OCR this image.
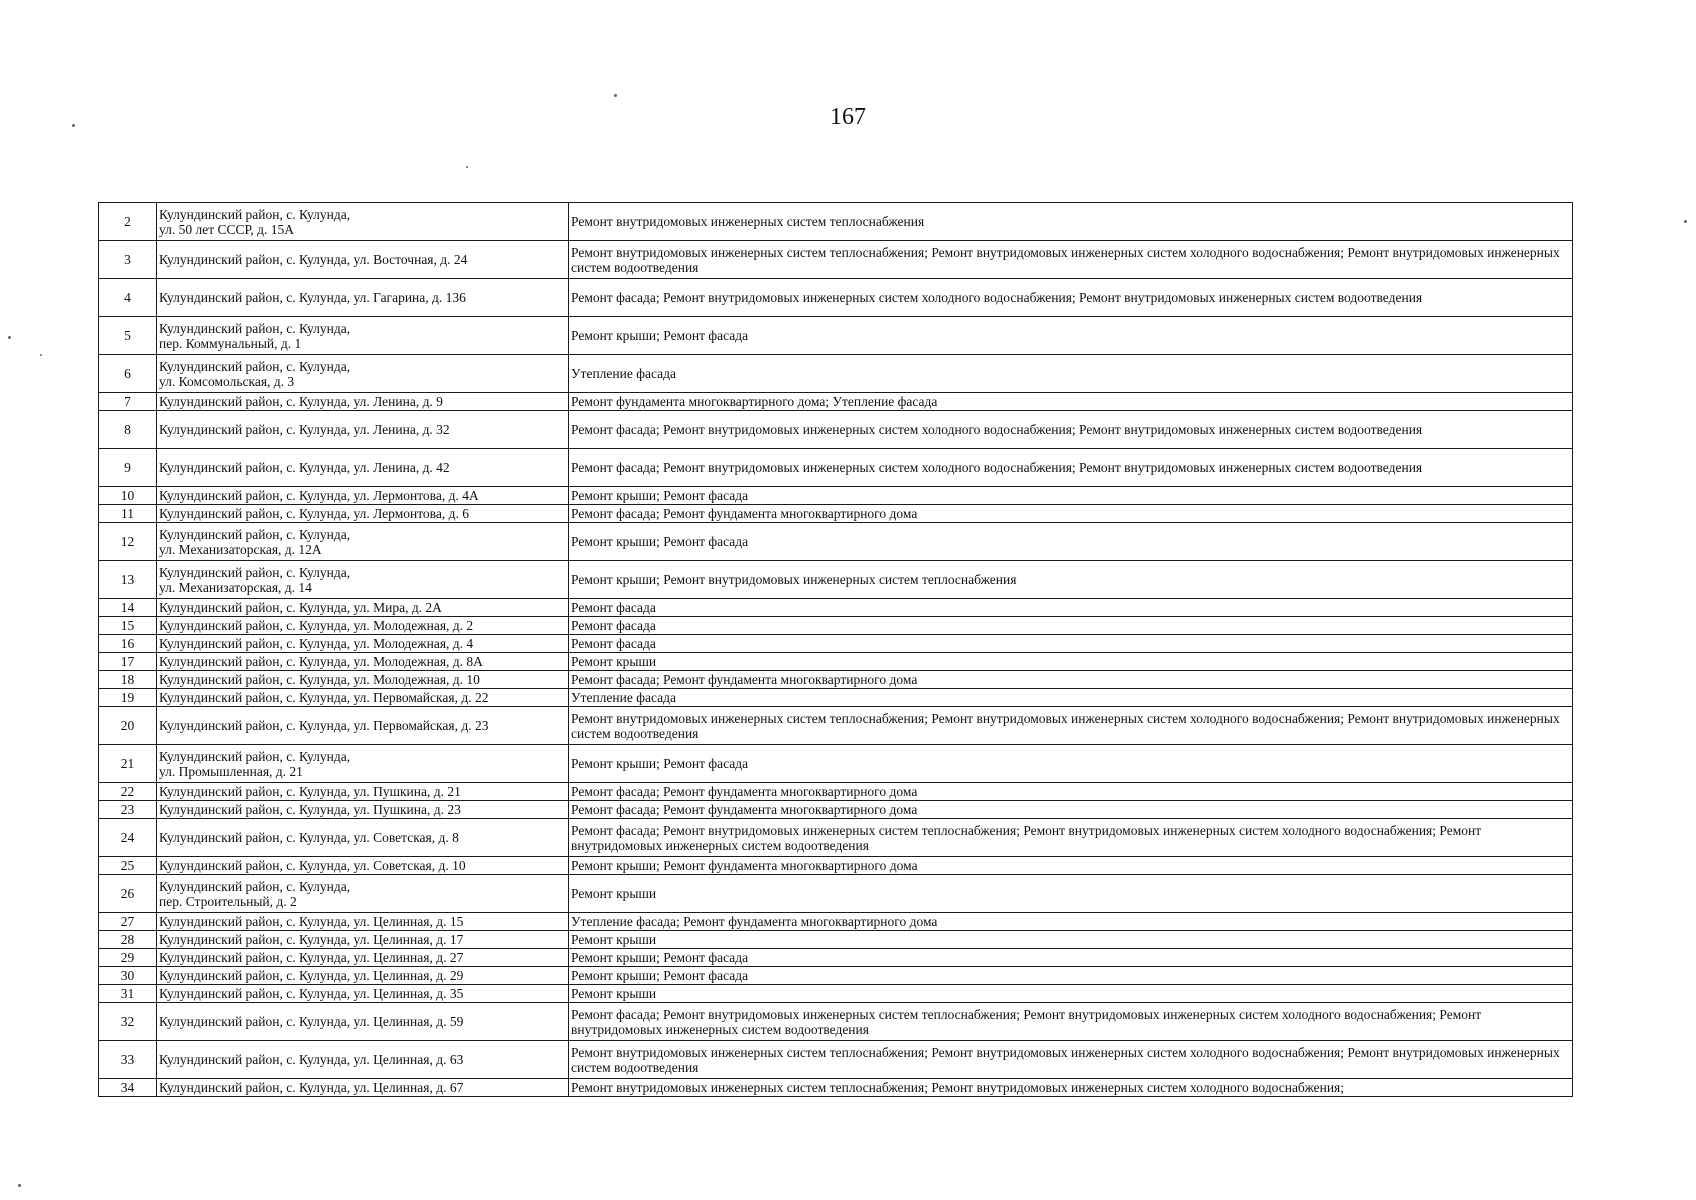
167
2	Кулундинский район, с. Кулунда,
ул. 50 лет СССР, д. 15А	Ремонт внутридомовых инженерных систем теплоснабжения
3	Кулундинский район, с. Кулунда, ул. Восточная, д. 24	Ремонт внутридомовых инженерных систем теплоснабжения; Ремонт внутридомовых инженерных систем холодного водоснабжения; Ремонт внутридомовых инженерных систем водоотведения
4	Кулундинский район, с. Кулунда, ул. Гагарина, д. 136	Ремонт фасада; Ремонт внутридомовых инженерных систем холодного водоснабжения; Ремонт внутридомовых инженерных систем водоотведения
5	Кулундинский район, с. Кулунда,
пер. Коммунальный, д. 1	Ремонт крыши; Ремонт фасада
6	Кулундинский район, с. Кулунда,
ул. Комсомольская, д. 3	Утепление фасада
7	Кулундинский район, с. Кулунда, ул. Ленина, д. 9	Ремонт фундамента многоквартирного дома; Утепление фасада
8	Кулундинский район, с. Кулунда, ул. Ленина, д. 32	Ремонт фасада; Ремонт внутридомовых инженерных систем холодного водоснабжения; Ремонт внутридомовых инженерных систем водоотведения
9	Кулундинский район, с. Кулунда, ул. Ленина, д. 42	Ремонт фасада; Ремонт внутридомовых инженерных систем холодного водоснабжения; Ремонт внутридомовых инженерных систем водоотведения
10	Кулундинский район, с. Кулунда, ул. Лермонтова, д. 4А	Ремонт крыши; Ремонт фасада
11	Кулундинский район, с. Кулунда, ул. Лермонтова, д. 6	Ремонт фасада; Ремонт фундамента многоквартирного дома
12	Кулундинский район, с. Кулунда,
ул. Механизаторская, д. 12А	Ремонт крыши; Ремонт фасада
13	Кулундинский район, с. Кулунда,
ул. Механизаторская, д. 14	Ремонт крыши; Ремонт внутридомовых инженерных систем теплоснабжения
14	Кулундинский район, с. Кулунда, ул. Мира, д. 2А	Ремонт фасада
15	Кулундинский район, с. Кулунда, ул. Молодежная, д. 2	Ремонт фасада
16	Кулундинский район, с. Кулунда, ул. Молодежная, д. 4	Ремонт фасада
17	Кулундинский район, с. Кулунда, ул. Молодежная, д. 8А	Ремонт крыши
18	Кулундинский район, с. Кулунда, ул. Молодежная, д. 10	Ремонт фасада; Ремонт фундамента многоквартирного дома
19	Кулундинский район, с. Кулунда, ул. Первомайская, д. 22	Утепление фасада
20	Кулундинский район, с. Кулунда, ул. Первомайская, д. 23	Ремонт внутридомовых инженерных систем теплоснабжения; Ремонт внутридомовых инженерных систем холодного водоснабжения; Ремонт внутридомовых инженерных систем водоотведения
21	Кулундинский район, с. Кулунда,
ул. Промышленная, д. 21	Ремонт крыши; Ремонт фасада
22	Кулундинский район, с. Кулунда, ул. Пушкина, д. 21	Ремонт фасада; Ремонт фундамента многоквартирного дома
23	Кулундинский район, с. Кулунда, ул. Пушкина, д. 23	Ремонт фасада; Ремонт фундамента многоквартирного дома
24	Кулундинский район, с. Кулунда, ул. Советская, д. 8	Ремонт фасада; Ремонт внутридомовых инженерных систем теплоснабжения; Ремонт внутридомовых инженерных систем холодного водоснабжения; Ремонт внутридомовых инженерных систем водоотведения
25	Кулундинский район, с. Кулунда, ул. Советская, д. 10	Ремонт крыши; Ремонт фундамента многоквартирного дома
26	Кулундинский район, с. Кулунда,
пер. Строительный, д. 2	Ремонт крыши
27	Кулундинский район, с. Кулунда, ул. Целинная, д. 15	Утепление фасада; Ремонт фундамента многоквартирного дома
28	Кулундинский район, с. Кулунда, ул. Целинная, д. 17	Ремонт крыши
29	Кулундинский район, с. Кулунда, ул. Целинная, д. 27	Ремонт крыши; Ремонт фасада
30	Кулундинский район, с. Кулунда, ул. Целинная, д. 29	Ремонт крыши; Ремонт фасада
31	Кулундинский район, с. Кулунда, ул. Целинная, д. 35	Ремонт крыши
32	Кулундинский район, с. Кулунда, ул. Целинная, д. 59	Ремонт фасада; Ремонт внутридомовых инженерных систем теплоснабжения; Ремонт внутридомовых инженерных систем холодного водоснабжения; Ремонт внутридомовых инженерных систем водоотведения
33	Кулундинский район, с. Кулунда, ул. Целинная, д. 63	Ремонт внутридомовых инженерных систем теплоснабжения; Ремонт внутридомовых инженерных систем холодного водоснабжения; Ремонт внутридомовых инженерных систем водоотведения
34	Кулундинский район, с. Кулунда, ул. Целинная, д. 67	Ремонт внутридомовых инженерных систем теплоснабжения; Ремонт внутридомовых инженерных систем холодного водоснабжения;
